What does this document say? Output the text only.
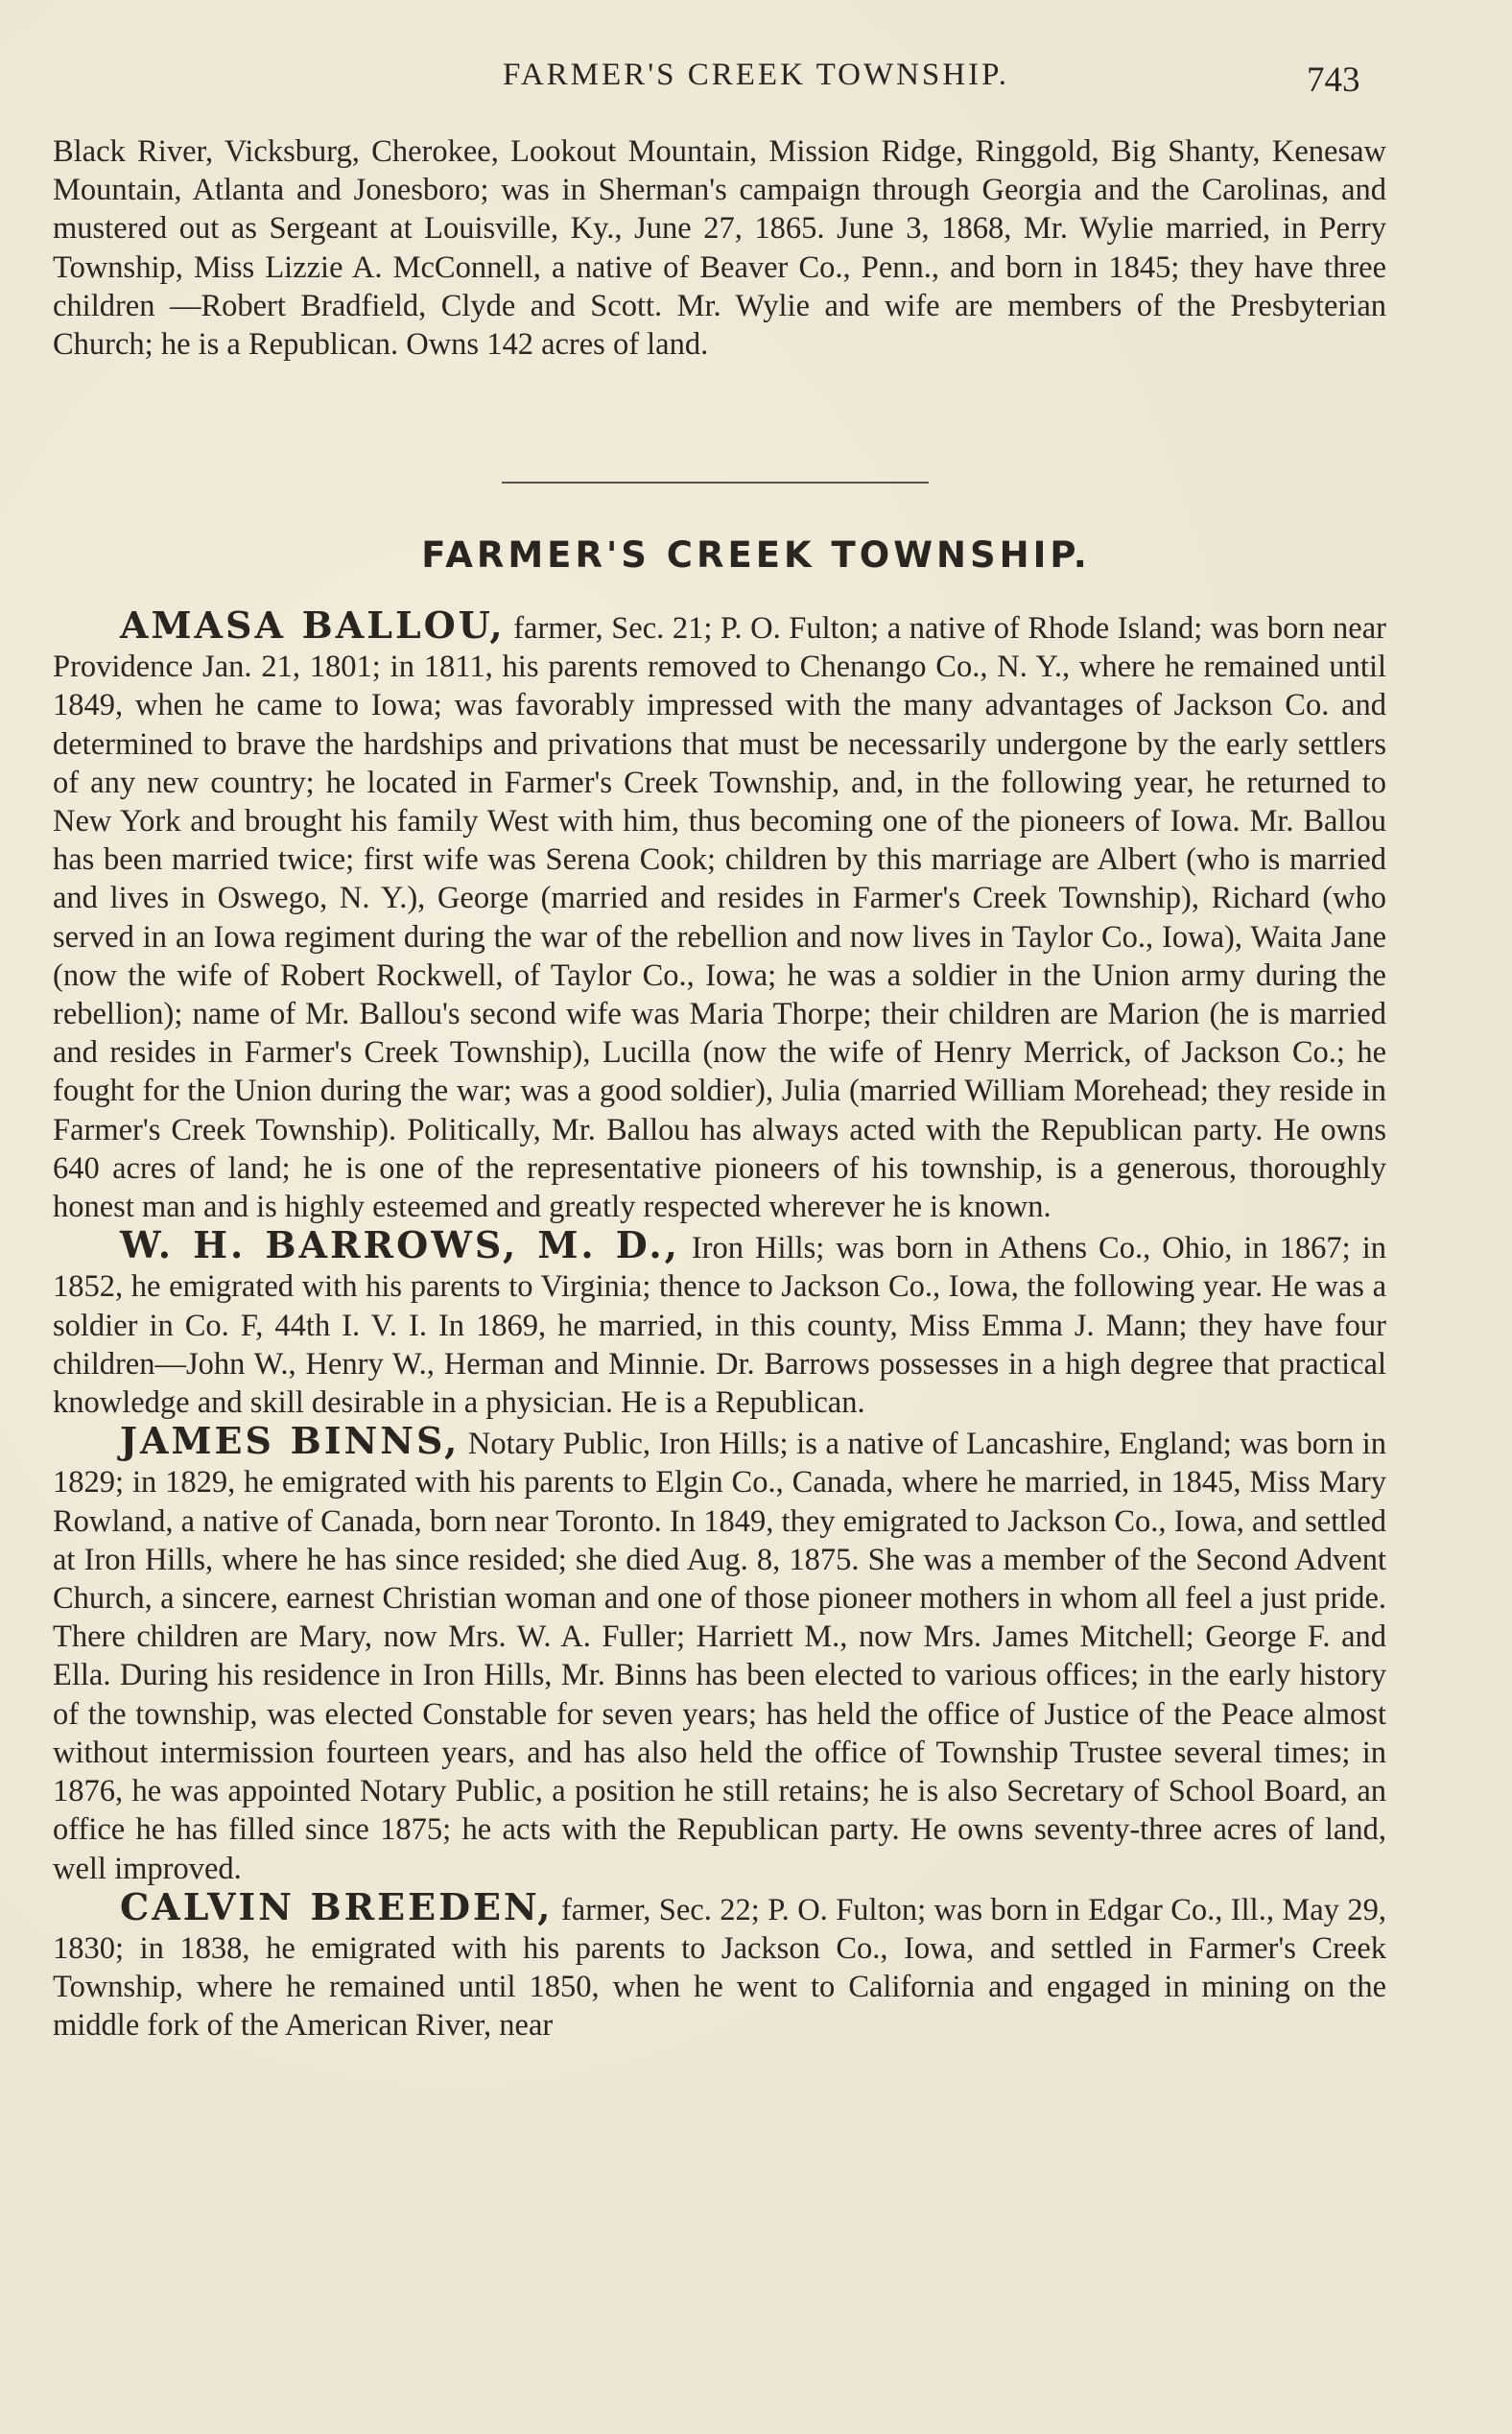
FARMER'S CREEK TOWNSHIP.	743

Black River, Vicksburg, Cherokee, Lookout Mountain, Mission Ridge, Ringgold, Big Shanty, Kenesaw Mountain, Atlanta and Jonesboro; was in Sherman's campaign through Georgia and the Carolinas, and mustered out as Sergeant at Louisville, Ky., June 27, 1865. June 3, 1868, Mr. Wylie married, in Perry Township, Miss Lizzie A. McConnell, a native of Beaver Co., Penn., and born in 1845; they have three children —Robert Bradfield, Clyde and Scott. Mr. Wylie and wife are members of the Presbyterian Church; he is a Republican. Owns 142 acres of land.

FARMER'S CREEK TOWNSHIP.

AMASA BALLOU, farmer, Sec. 21; P. O. Fulton; a native of Rhode Island; was born near Providence Jan. 21, 1801; in 1811, his parents removed to Chenango Co., N. Y., where he remained until 1849, when he came to Iowa; was favorably impressed with the many advantages of Jackson Co. and determined to brave the hardships and privations that must be necessarily undergone by the early settlers of any new country; he located in Farmer's Creek Township, and, in the following year, he returned to New York and brought his family West with him, thus becoming one of the pioneers of Iowa. Mr. Ballou has been married twice; first wife was Serena Cook; children by this marriage are Albert (who is married and lives in Oswego, N. Y.), George (married and resides in Farmer's Creek Township), Richard (who served in an Iowa regiment during the war of the rebellion and now lives in Taylor Co., Iowa), Waita Jane (now the wife of Robert Rockwell, of Taylor Co., Iowa; he was a soldier in the Union army during the rebellion); name of Mr. Ballou's second wife was Maria Thorpe; their children are Marion (he is married and resides in Farmer's Creek Township), Lucilla (now the wife of Henry Merrick, of Jackson Co.; he fought for the Union during the war; was a good soldier), Julia (married William Morehead; they reside in Farmer's Creek Township). Politically, Mr. Ballou has always acted with the Republican party. He owns 640 acres of land; he is one of the representative pioneers of his township, is a generous, thoroughly honest man and is highly esteemed and greatly respected wherever he is known.

W. H. BARROWS, M. D., Iron Hills; was born in Athens Co., Ohio, in 1867; in 1852, he emigrated with his parents to Virginia; thence to Jackson Co., Iowa, the following year. He was a soldier in Co. F, 44th I. V. I. In 1869, he married, in this county, Miss Emma J. Mann; they have four children—John W., Henry W., Herman and Minnie. Dr. Barrows possesses in a high degree that practical knowledge and skill desirable in a physician. He is a Republican.

JAMES BINNS, Notary Public, Iron Hills; is a native of Lancashire, England; was born in 1829; in 1829, he emigrated with his parents to Elgin Co., Canada, where he married, in 1845, Miss Mary Rowland, a native of Canada, born near Toronto. In 1849, they emigrated to Jackson Co., Iowa, and settled at Iron Hills, where he has since resided; she died Aug. 8, 1875. She was a member of the Second Advent Church, a sincere, earnest Christian woman and one of those pioneer mothers in whom all feel a just pride. There children are Mary, now Mrs. W. A. Fuller; Harriett M., now Mrs. James Mitchell; George F. and Ella. During his residence in Iron Hills, Mr. Binns has been elected to various offices; in the early history of the township, was elected Constable for seven years; has held the office of Justice of the Peace almost without intermission fourteen years, and has also held the office of Township Trustee several times; in 1876, he was appointed Notary Public, a position he still retains; he is also Secretary of School Board, an office he has filled since 1875; he acts with the Republican party. He owns seventy-three acres of land, well improved.

CALVIN BREEDEN, farmer, Sec. 22; P. O. Fulton; was born in Edgar Co., Ill., May 29, 1830; in 1838, he emigrated with his parents to Jackson Co., Iowa, and settled in Farmer's Creek Township, where he remained until 1850, when he went to California and engaged in mining on the middle fork of the American River, near
